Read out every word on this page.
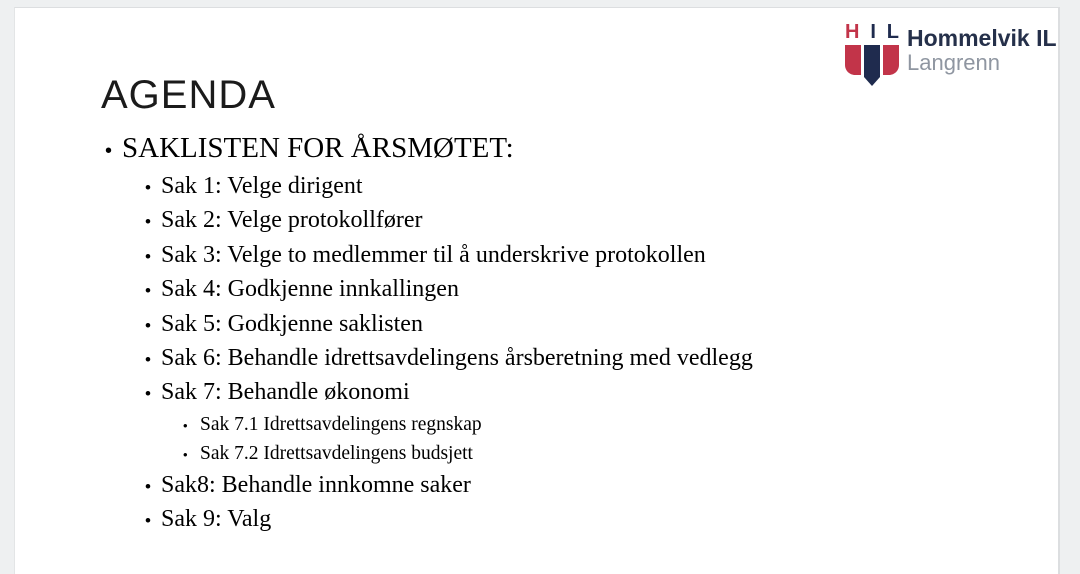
AGENDA
• SAKLISTEN FOR ÅRSMØTET:
• Sak 1: Velge dirigent
• Sak 2: Velge protokollfører
• Sak 3: Velge to medlemmer til å underskrive protokollen
• Sak 4: Godkjenne innkallingen
• Sak 5: Godkjenne saklisten
• Sak 6: Behandle idrettsavdelingens årsberetning med vedlegg
• Sak 7: Behandle økonomi
• Sak 7.1 Idrettsavdelingens regnskap
• Sak 7.2 Idrettsavdelingens budsjett
• Sak8: Behandle innkomne saker
• Sak 9: Valg
H I L Hommelvik IL
Langrenn
